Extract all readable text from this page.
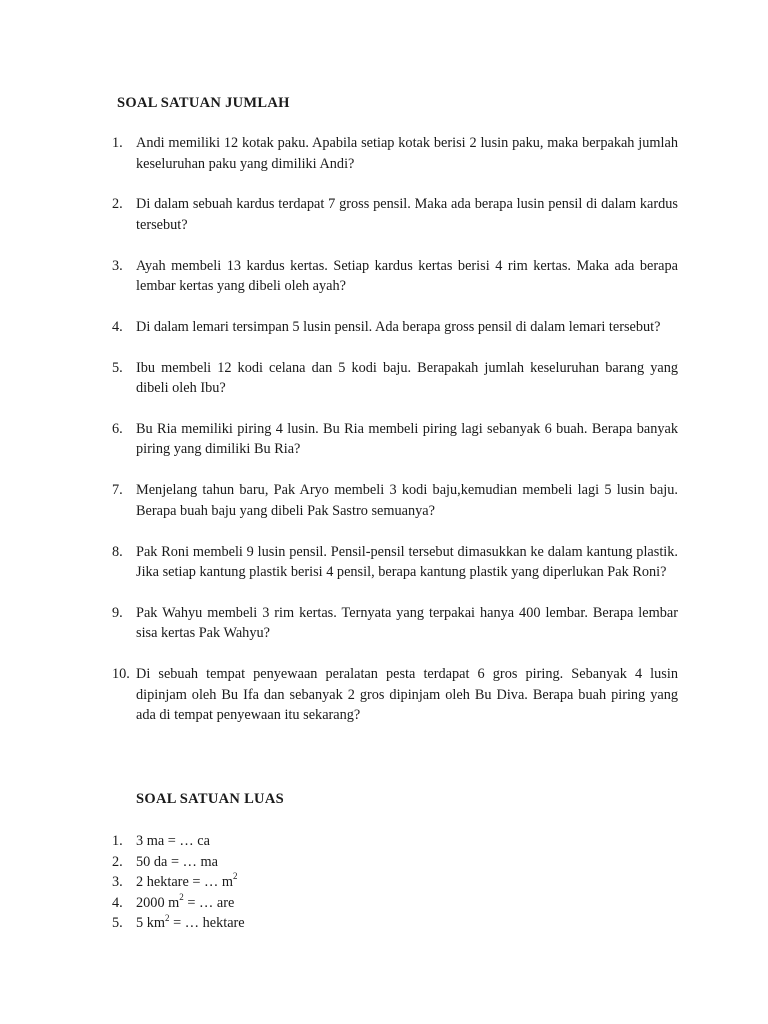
SOAL SATUAN JUMLAH
1. Andi memiliki 12 kotak paku. Apabila setiap kotak berisi 2 lusin paku, maka berpakah jumlah keseluruhan paku yang dimiliki Andi?
2. Di dalam sebuah kardus terdapat 7 gross pensil. Maka ada berapa lusin pensil di dalam kardus tersebut?
3. Ayah membeli 13 kardus kertas. Setiap kardus kertas berisi 4 rim kertas. Maka ada berapa lembar kertas yang dibeli oleh ayah?
4. Di dalam lemari tersimpan 5 lusin pensil. Ada berapa gross pensil di dalam lemari tersebut?
5. Ibu membeli 12 kodi celana dan 5 kodi baju. Berapakah jumlah keseluruhan barang yang dibeli oleh Ibu?
6. Bu Ria memiliki piring 4 lusin. Bu Ria membeli piring lagi sebanyak 6 buah. Berapa banyak piring yang dimiliki Bu Ria?
7. Menjelang tahun baru, Pak Aryo membeli 3 kodi baju,kemudian membeli lagi 5 lusin baju. Berapa buah baju yang dibeli Pak Sastro semuanya?
8. Pak Roni membeli 9 lusin pensil. Pensil-pensil tersebut dimasukkan ke dalam kantung plastik. Jika setiap kantung plastik berisi 4 pensil, berapa kantung plastik yang diperlukan Pak Roni?
9. Pak Wahyu membeli 3 rim kertas. Ternyata yang terpakai hanya 400 lembar. Berapa lembar sisa kertas Pak Wahyu?
10. Di sebuah tempat penyewaan peralatan pesta terdapat 6 gros piring. Sebanyak 4 lusin dipinjam oleh Bu Ifa dan sebanyak 2 gros dipinjam oleh Bu Diva. Berapa buah piring yang ada di tempat penyewaan itu sekarang?
SOAL SATUAN LUAS
1. 3 ma = … ca
2. 50 da = … ma
3. 2 hektare = … $m^2$
4. 2000 $m^2$ = … are
5. 5 $km^2$ = … hektare
